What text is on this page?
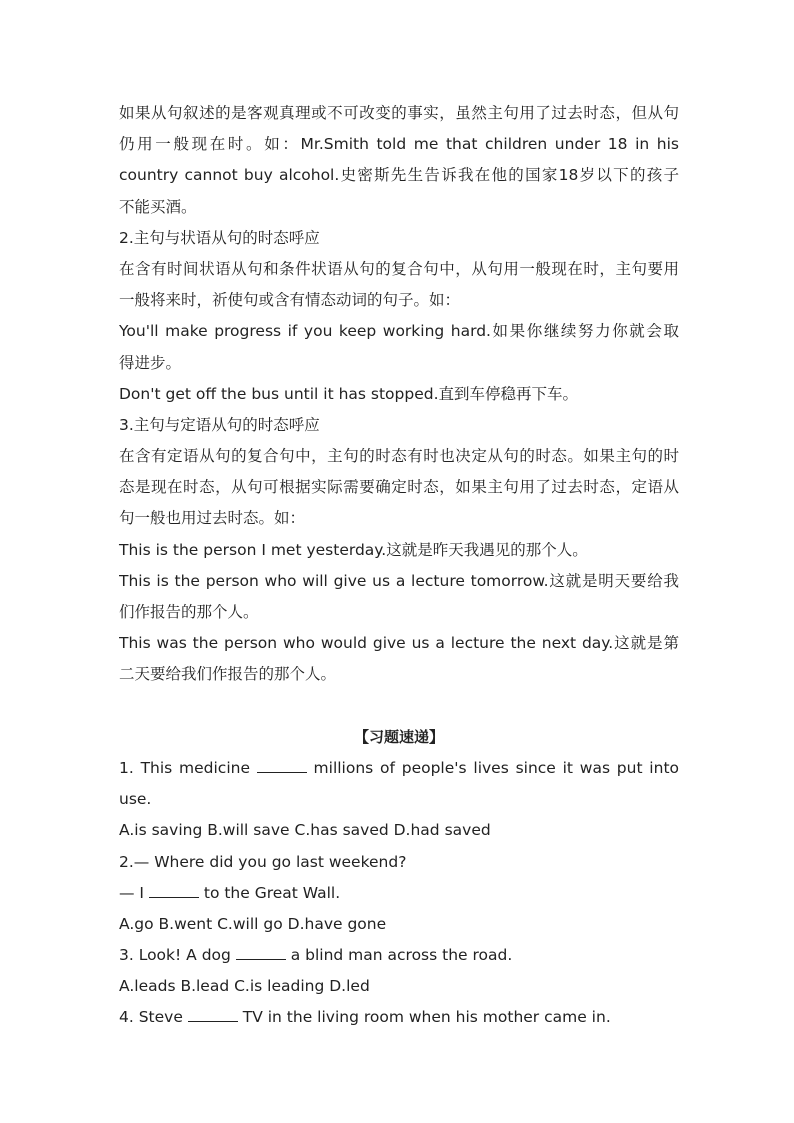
如果从句叙述的是客观真理或不可改变的事实，虽然主句用了过去时态，但从句
仍用一般现在时。如：Mr.Smith told me that children under 18 in his
country cannot buy alcohol.史密斯先生告诉我在他的国家18岁以下的孩子
不能买酒。
2.主句与状语从句的时态呼应
在含有时间状语从句和条件状语从句的复合句中，从句用一般现在时，主句要用
一般将来时，祈使句或含有情态动词的句子。如：
You'll make progress if you keep working hard.如果你继续努力你就会取
得进步。
Don't get off the bus until it has stopped.直到车停稳再下车。
3.主句与定语从句的时态呼应
在含有定语从句的复合句中，主句的时态有时也决定从句的时态。如果主句的时
态是现在时态，从句可根据实际需要确定时态，如果主句用了过去时态，定语从
句一般也用过去时态。如：
This is the person I met yesterday.这就是昨天我遇见的那个人。
This is the person who will give us a lecture tomorrow.这就是明天要给我
们作报告的那个人。
This was the person who would give us a lecture the next day.这就是第
二天要给我们作报告的那个人。
【习题速递】
1. This medicine	millions of people's lives since it was put into
use.
A.is saving B.will save C.has saved D.had saved
2.— Where did you go last weekend?
— I	to the Great Wall.
A.go B.went C.will go D.have gone
3. Look! A dog	a blind man across the road.
A.leads B.lead C.is leading D.led
4. Steve	TV in the living room when his mother came in.
